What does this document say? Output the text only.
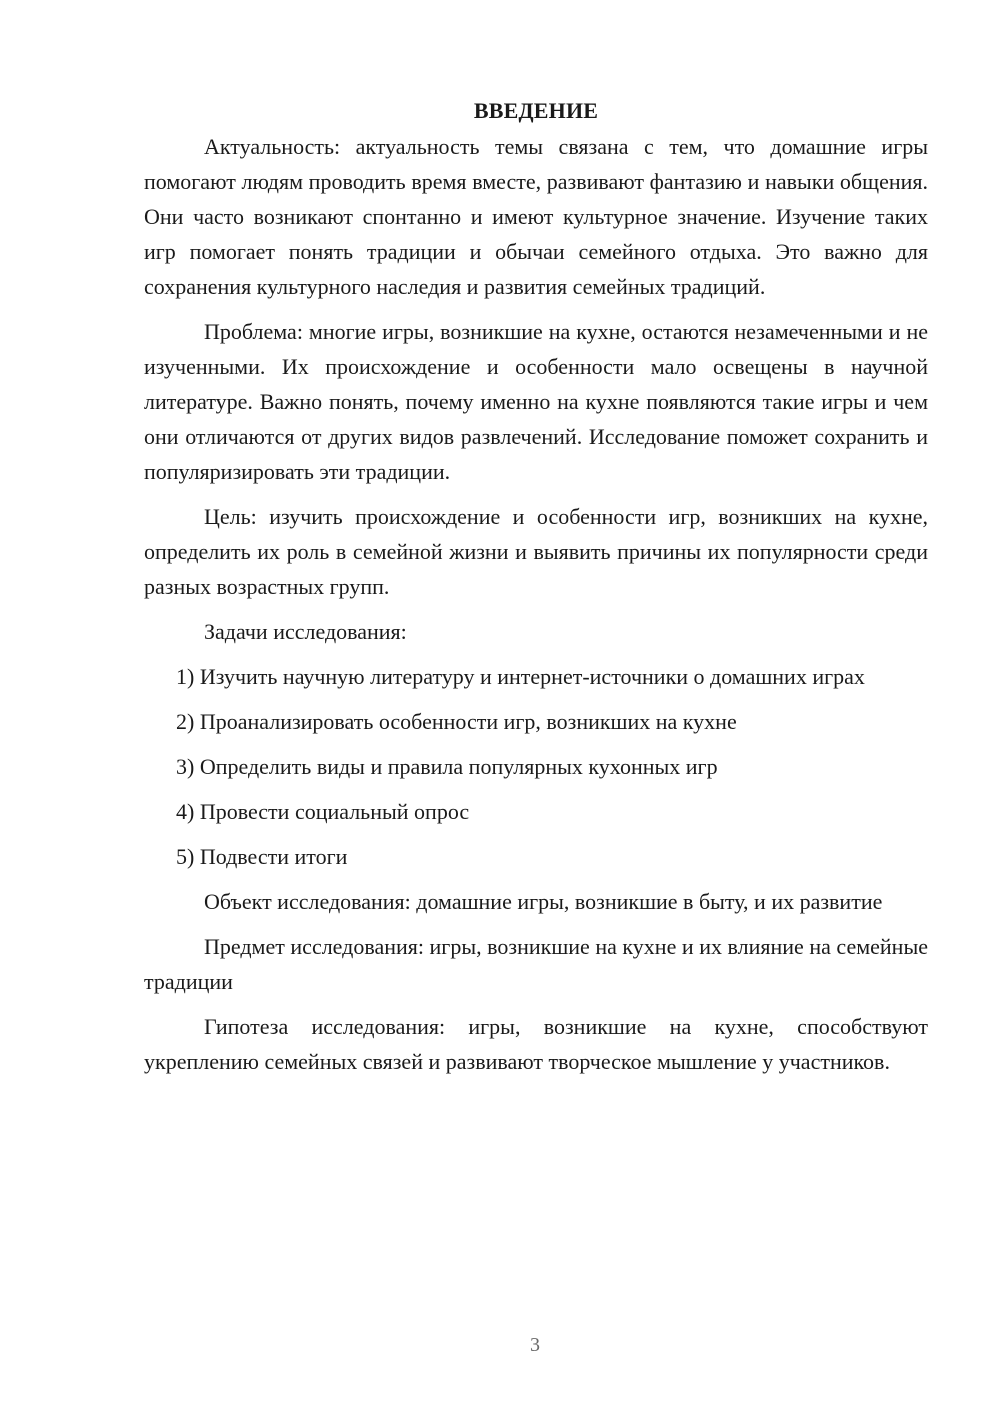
ВВЕДЕНИЕ

Актуальность: актуальность темы связана с тем, что домашние игры помогают людям проводить время вместе, развивают фантазию и навыки общения. Они часто возникают спонтанно и имеют культурное значение. Изучение таких игр помогает понять традиции и обычаи семейного отдыха. Это важно для сохранения культурного наследия и развития семейных традиций.

Проблема: многие игры, возникшие на кухне, остаются незамеченными и не изученными. Их происхождение и особенности мало освещены в научной литературе. Важно понять, почему именно на кухне появляются такие игры и чем они отличаются от других видов развлечений. Исследование поможет сохранить и популяризировать эти традиции.

Цель: изучить происхождение и особенности игр, возникших на кухне, определить их роль в семейной жизни и выявить причины их популярности среди разных возрастных групп.

Задачи исследования:

1) Изучить научную литературу и интернет-источники о домашних играх

2) Проанализировать особенности игр, возникших на кухне

3) Определить виды и правила популярных кухонных игр

4) Провести социальный опрос

5) Подвести итоги

Объект исследования: домашние игры, возникшие в быту, и их развитие

Предмет исследования: игры, возникшие на кухне и их влияние на семейные традиции

Гипотеза исследования: игры, возникшие на кухне, способствуют укреплению семейных связей и развивают творческое мышление у участников.

3
